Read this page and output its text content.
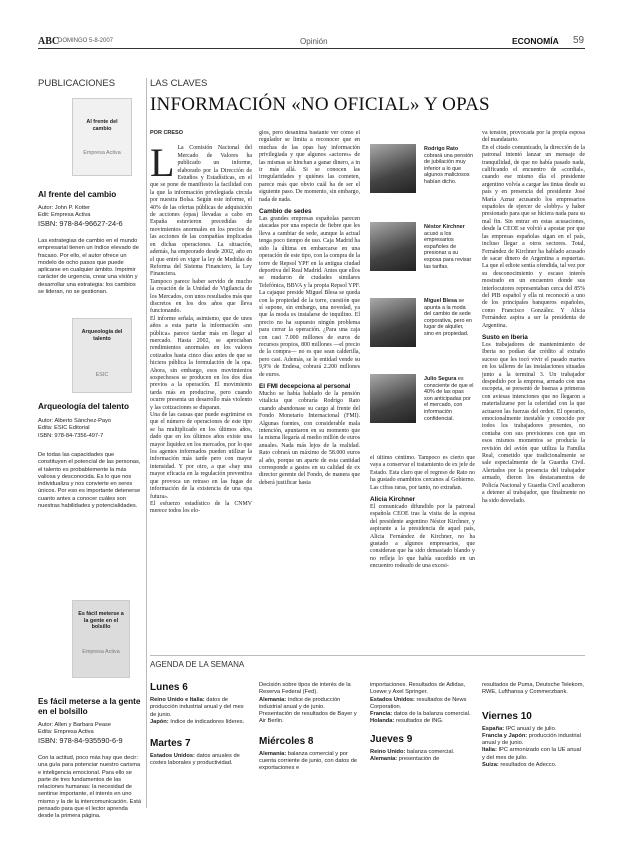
ABC
DOMINGO 5-8-2007	Opinión	ECONOMÍA 59
PUBLICACIONES
Al frente del cambio
Empresa Activa
Al frente del cambio
Autor: John P. Kotter
Edit: Empresa Activa
ISBN: 978-84-96627-24-6
Las estrategias de cambio en el mundo empresarial tienen un índice elevado de fracaso. Por ello, el autor ofrece un modelo de ocho pasos que puede aplicarse en cualquier ámbito. Imprimir carácter de urgencia, crear una visión y desarrollar una estrategia: los cambios se lideran, no se gestionan.
Arqueología del talento
ESIC
Arqueología del talento
Autor: Alberto Sánchez-Payo
Edita: ESIC Editorial
ISBN: 978-84-7356-497-7
De todas las capacidades que constituyen el potencial de las personas, el talento es probablemente la más valiosa y desconocida. Es lo que nos individualiza y nos convierte en seres únicos. Por eso es importante detenerse cuanto antes a conocer cuáles son nuestras habilidades y potencialidades.
Es fácil meterse a la gente en el bolsillo
Empresa Activa
Es fácil meterse a la gente en el bolsillo
Autor: Allen y Barbara Pease
Edita: Empresa Activa
ISBN: 978-84-935590-6-9
Con la actitud, poco más hay que decir: una guía para potenciar nuestro carisma e inteligencia emocional. Para ello se parte de tres fundamentos de las relaciones humanas: la necesidad de sentirse importante, el interés en uno mismo y la de la intercomunicación. Está pensado para que el lector aprenda desde la primera página.
LAS CLAVES
INFORMACIÓN «NO OFICIAL» Y OPAS
POR CRESO

L La Comisión Nacional del Mercado de Valores ha publicado un informe, elaborado por la Dirección de Estudios y Estadísticas, en el que se pone de manifiesto la facilidad con la que la información privilegiada circula por nuestra Bolsa. Según este informe, el 40% de las ofertas públicas de adquisición de acciones (opas) llevadas a cabo en España estuvieron precedidas de movimientos anormales en los precios de las acciones de las compañías implicadas en dichas operaciones. La situación, además, ha empeorado desde 2002, año en el que entró en vigor la ley de Medidas de Reforma del Sistema Financiero, la Ley Financiera.
Tampoco parece haber servido de mucho la creación de la Unidad de Vigilancia de los Mercados, con unos resultados más que discretos en los dos años que lleva funcionando.
El informe señala, asimismo, que de unos años a esta parte la información «no pública» parece tardar más en llegar al mercado. Hasta 2002, se apreciaban rendimientos anormales en los valores cotizados hasta cinco días antes de que se hiciera pública la formulación de la opa. Ahora, sin embargo, esos movimientos sospechosos se producen en los dos días previos a la operación. El movimiento tarda más en producirse, pero cuando ocurre presenta un desarrollo más violento y las cotizaciones se disparan.
Una de las causas que puede esgrimirse es que el número de operaciones de este tipo se ha multiplicado en los últimos años, dado que en los últimos años existe una mayor liquidez en los mercados, por lo que los agentes informados pueden utilizar la información más tarde pero con mayor intensidad. Y por otro, a que «hay una mayor eficacia en la regulación preventiva que provoca un retraso en las fugas de información de la existencia de una opa futura».
El esfuerzo estadístico de la CNMV merece todos los elo-

gios, pero desanima bastante ver cómo el regulador se limita a reconocer que en muchas de las opas hay información privilegiada y que algunos «actores» de las mismas se hinchan a ganar dinero, a in ir más allá. Si se conocen las irregularidades y quiénes las cometen, parece más que obvio cuál ha de ser el siguiente paso. De momento, sin embargo, nada de nada.
Cambio de sedes
Las grandes empresas españolas parecen atacadas por una especie de fiebre que les lleva a cambiar de sede, aunque la actual tenga poco tiempo de uso. Caja Madrid ha sido la última en embarcarse en una operación de este tipo, con la compra de la torre de Repsol YPF en la antigua ciudad deportiva del Real Madrid. Antes que ellos se mudaron de ciudades similares Telefónica, BBVA y la propia Repsol YPF. La cajaque preside Miguel Blesa se queda con la propiedad de la torre, cuestión que sí supone, sin embargo, una novedad, ya que la moda es instalarse de inquilino. El precio no ha supuesto ningún problema para cerrar la operación. ¿Para una caja con casi 7.000 millones de euros de recursos propios, 800 millones —el precio de la compra— no es que sean calderilla, pero casi. Además, se le entidad vende su 9,9% de Endesa, cobrará 2.200 millones de euros.
El FMI decepciona al personal
Mucho se había hablado de la pensión vitalicia que cobraría Rodrigo Rato cuando abandonase su cargo al frente del Fondo Monetario Internacional (FMI). Algunas fuentes, con considerable mala intención, apuntaron en su momento que la misma llegaría al medio millón de euros anuales. Nada más lejos de la realidad. Rato cobrará un máximo de 58.000 euros al año, porque un aparte de esta cantidad corresponde a gastos en su calidad de ex director gerente del Fondo, de manera que deberá justificar hasta
Rodrigo Rato cobrará una pensión de jubilación muy inferior a lo que algunos maliciosos habían dicho.
Néstor Kirchner acusó a los empresarios españoles de presionar a su esposa para revisar las tarifas.
Miguel Blesa se apunta a la moda del cambio de sede corporativa, pero en lugar de alquiler, sino en propiedad.
Julio Segura es consciente de que el 40% de las opas son anticipadas por el mercado, con información confidencial.
el último céntimo. Tampoco es cierto que vaya a conservar el tratamiento de ex jefe de Estado. Esta claro que el regreso de Rato no ha gustado enambitos cercanos al Gobierno. Las cifras raras, por tanto, no extrañan.
Alicia Kirchner
El comunicado difundido por la patronal española CEOE tras la visita de la esposa del presidente argentino Néstor Kirchner, y aspirante a la presidencia de aquel país, Alicia Fernández de Kirchner, no ha gustado a algunos empresarios, que consideran que ha sido demasiado blando y no refleja lo que había sucedido en un encuentro rodeado de una excesi-
va tensión, provocada por la propia esposa del mandatario.
En el citado comunicado, la dirección de la patronal intentó lanzar un mensaje de tranquilidad, de que no había pasado nada, calificando el encuentro de «cordial», cuando ese mismo día el presidente argentino volvía a cargar las tintas desde su país y en presencia del presidente José María Aznar acusando los empresarios españoles de ejercer de «lobby» y haber presionado para que se hiciera nada para su mal fin. Sin entrar en estas acusaciones, desde la CEOE se volvió a apostar por que las empresas españolas sigan en el país, incluso llegar a otros sectores. Total, Fernández de Kirchner ha hablado acusado de sacar dinero de Argentina a espuertas. La que el ediote sentía ofendida, tal vez por su desconocimiento y escaso interés mostrado en un encuentro donde sus interlocutores representaban cerca del 85% del PIB español y ella ni reconoció a uno de los principales banqueros españoles, como Francisco González. Y Alicia Fernández aspira a ser la presidenta de Argentina.
Susto en Iberia
Los trabajadores de mantenimiento de Iberia no podían dar crédito al extraño suceso que les tocó vivir el pasado martes en los talleres de las instalaciones situadas junto a la terminal 3. Un trabajador despedido por la empresa, armado con una escopeta, se presentó de buenas a primeras con aviesas intenciones que no llegaron a materializarse por la celeridad con la que actuaron las fuerzas del orden. El operario, emocionalmente inestable y conocido por todos los trabajadores presentes, no contaba con sus previsiones con que en esos mismos momentos se producía la revisión del avión que utiliza la Familia Real, cometido que tradicionalmente se sale especialmente de la Guardia Civil. Alertados por la presencia del trabajador armado, dieron los destacamentos de Policía Nacional y Guardia Civil acudieron a detener al trabajador, que finalmente no ha sido desvelado.
AGENDA DE LA SEMANA
Lunes 6
Reino Unido e Italia: datos de producción industrial anual y del mes de junio.
Japón: índice de indicadores líderes.
Martes 7
Estados Unidos: datos anuales de costes laborales y productividad.
Decisión sobre tipos de interés de la Reserva Federal (Fed).
Alemania: índice de producción industrial anual y de junio. Presentación de resultados de Bayer y Air Berlin.
Miércoles 8
Alemania: balanza comercial y por cuenta corriente de junio, con datos de exportaciones e
importaciones. Resultados de Adidas, Loewe y Axel Springer.
Estados Unidos: resultados de News Corporation.
Francia: datos de la balanza comercial.
Holanda: resultados de ING.
Jueves 9
Reino Unido: balanza comercial.
Alemania: presentación de
resultados de Puma, Deutsche Telekom, RWE, Lufthansa y Commerzbank.
Viernes 10
España: IPC anual y de julio.
Francia y Japón: producción industrial anual y de junio.
Italia: IPC armonizado con la UE anual y del mes de julio.
Suiza: resultados de Adecco.
